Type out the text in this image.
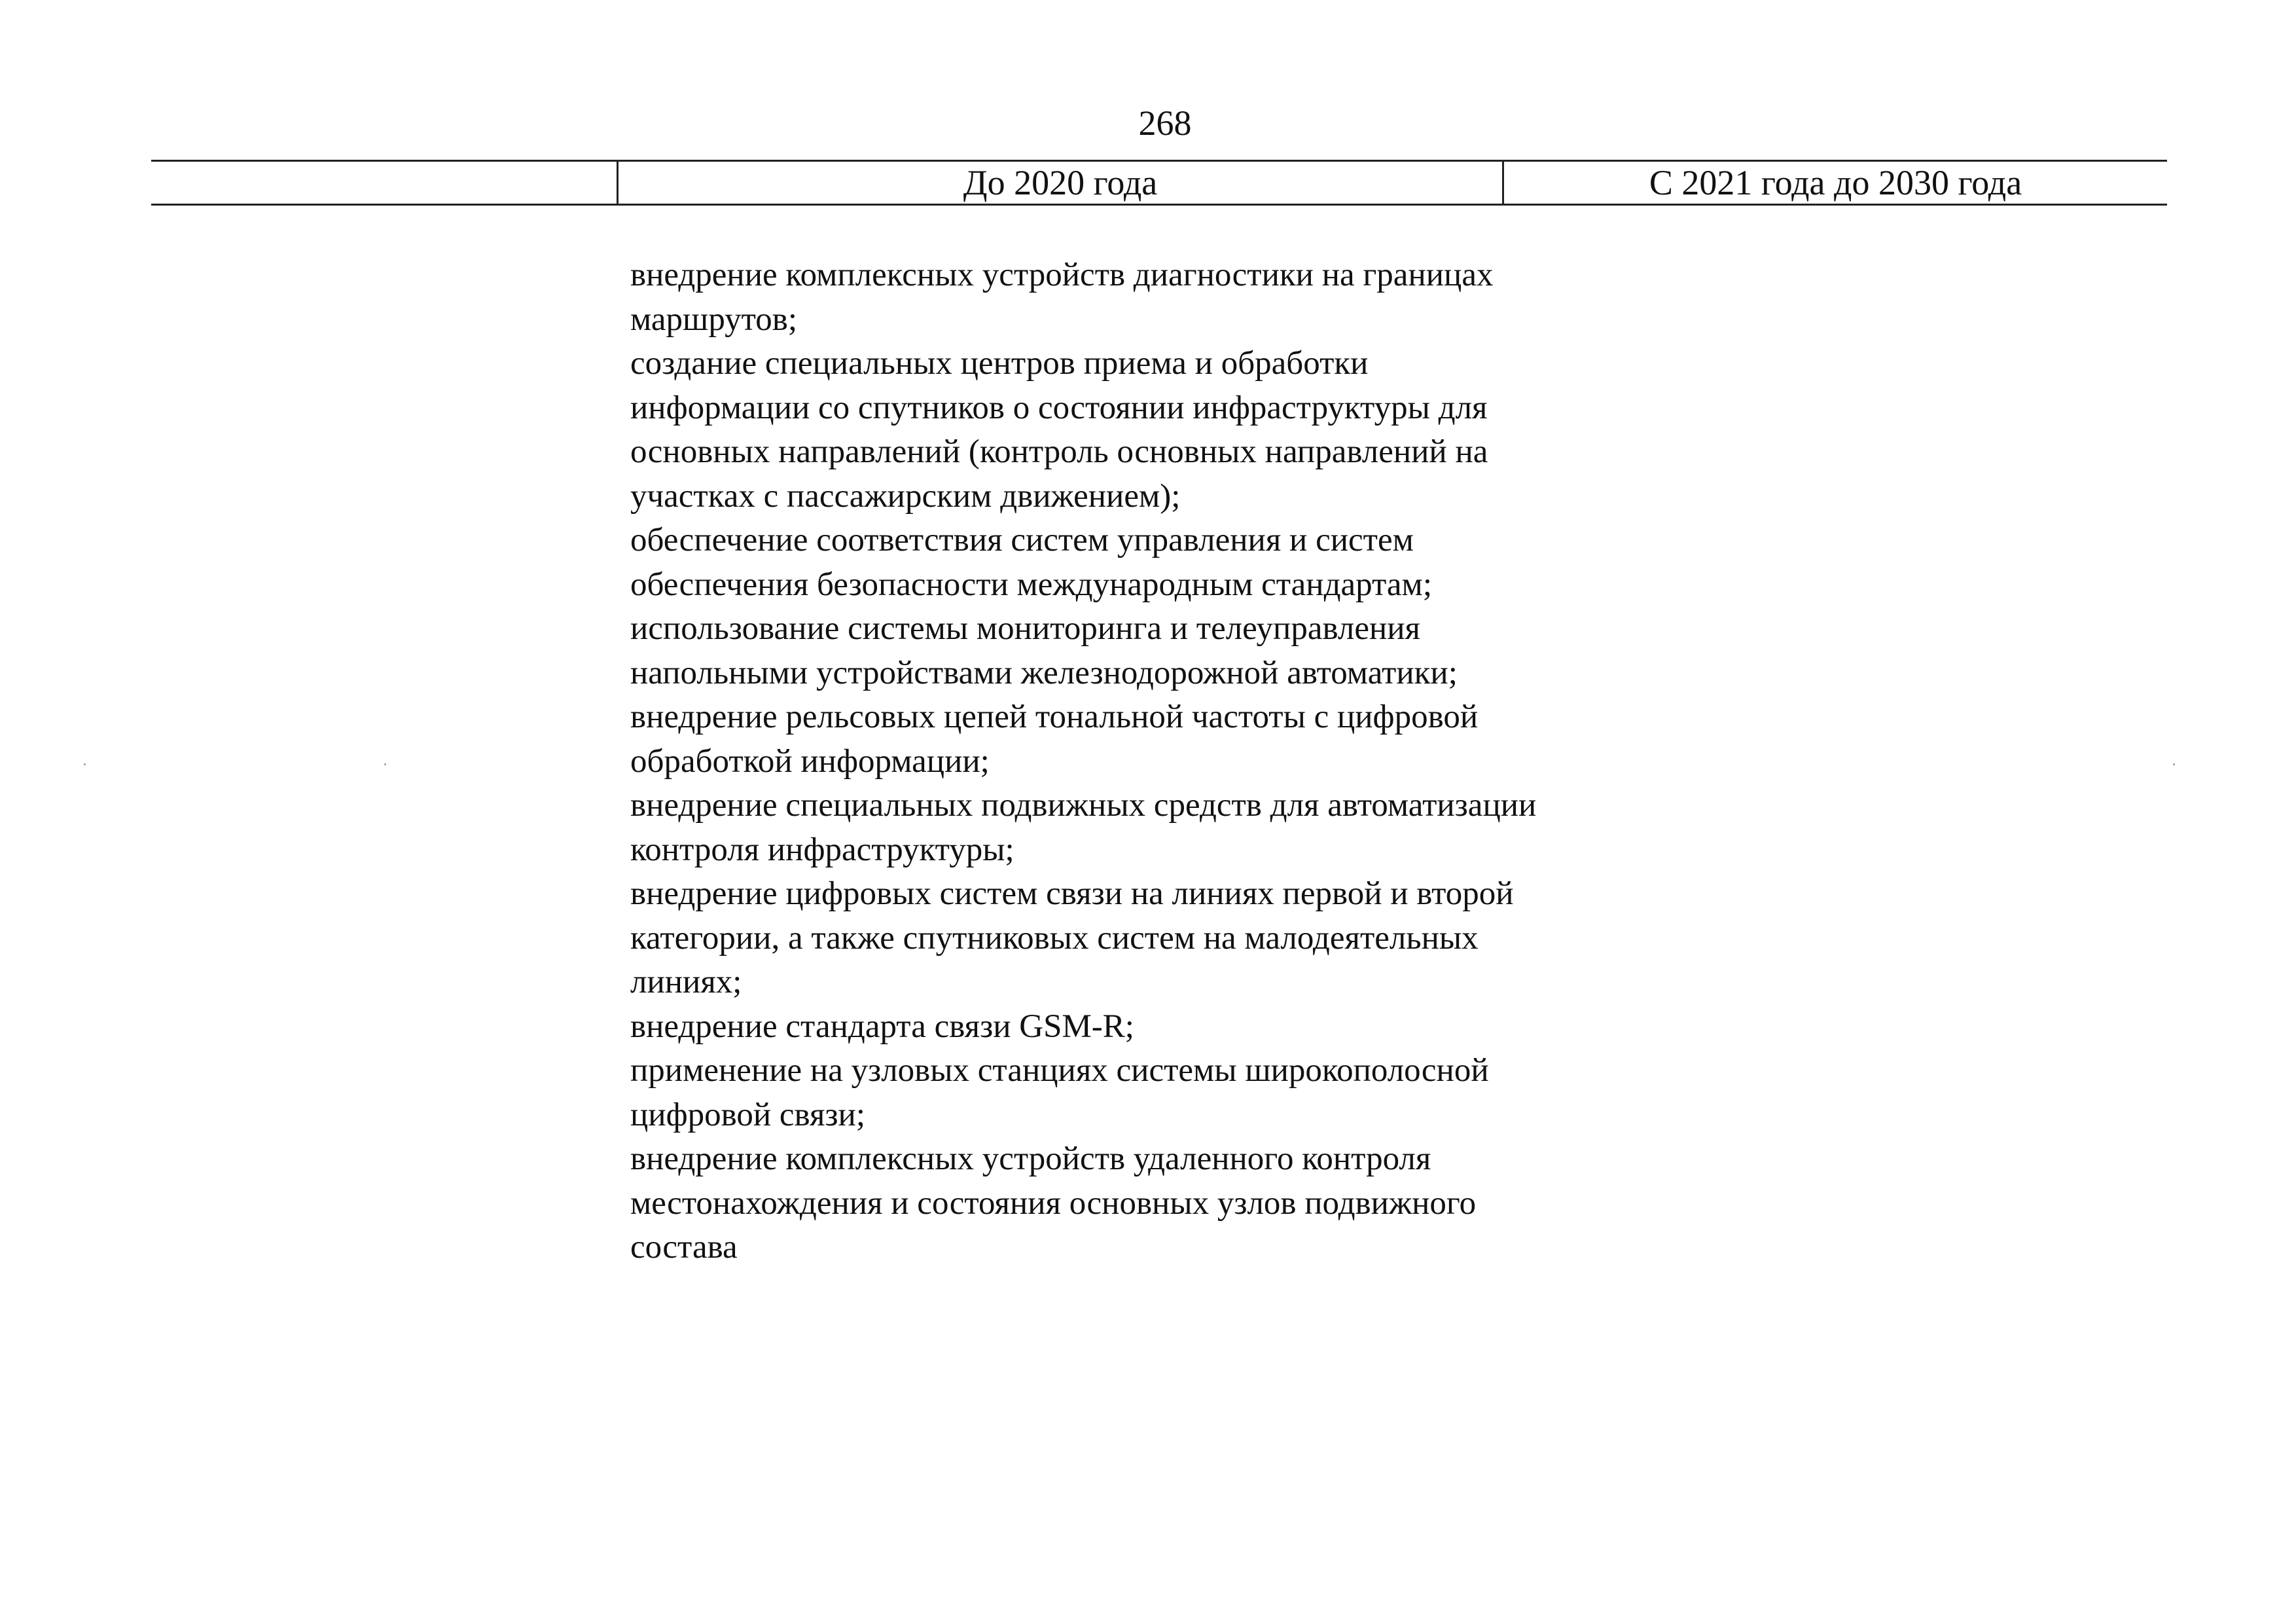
268
До 2020 года	С 2021 года до 2030 года
внедрение комплексных устройств диагностики на границах маршрутов;
создание специальных центров приема и обработки информации со спутников о состоянии инфраструктуры для основных направлений (контроль основных направлений на участках с пассажирским движением);
обеспечение соответствия систем управления и систем обеспечения безопасности международным стандартам;
использование системы мониторинга и телеуправления напольными устройствами железнодорожной автоматики;
внедрение рельсовых цепей тональной частоты с цифровой обработкой информации;
внедрение специальных подвижных средств для автоматизации контроля инфраструктуры;
внедрение цифровых систем связи на линиях первой и второй категории, а также спутниковых систем на малодеятельных линиях;
внедрение стандарта связи GSM-R;
применение на узловых станциях системы широкополосной цифровой связи;
внедрение комплексных устройств удаленного контроля местонахождения и состояния основных узлов подвижного состава
